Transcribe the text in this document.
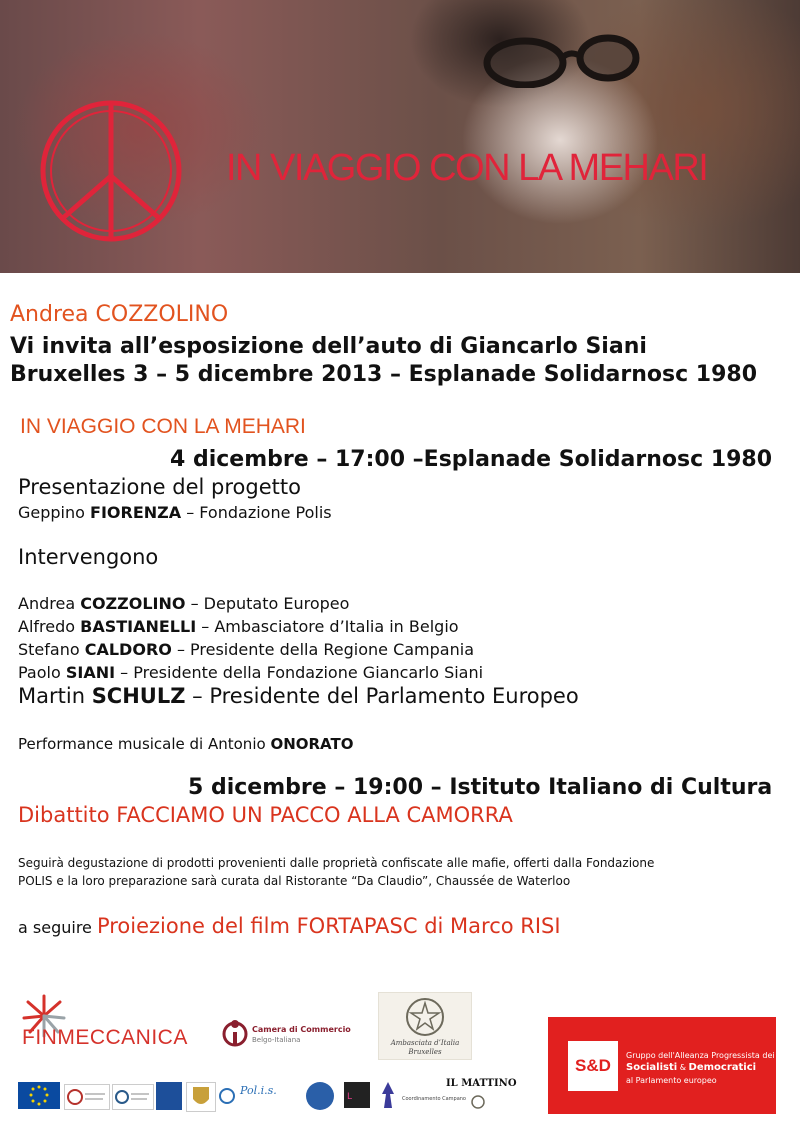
IN VIAGGIO CON LA MEHARI
Andrea COZZOLINO
Vi invita all’esposizione dell’auto di Giancarlo Siani
Bruxelles 3 – 5 dicembre 2013 – Esplanade Solidarnosc 1980
IN VIAGGIO CON LA MEHARI
4 dicembre – 17:00 –Esplanade Solidarnosc 1980
Presentazione del progetto
Geppino FIORENZA – Fondazione Polis
Intervengono
Andrea COZZOLINO – Deputato Europeo
Alfredo BASTIANELLI – Ambasciatore d’Italia in Belgio
Stefano CALDORO – Presidente della Regione Campania
Paolo SIANI – Presidente della Fondazione Giancarlo Siani
Martin SCHULZ – Presidente del Parlamento Europeo
Performance musicale di Antonio ONORATO
5 dicembre – 19:00 – Istituto Italiano di Cultura
Dibattito FACCIAMO UN PACCO ALLA CAMORRA
Seguirà degustazione di prodotti provenienti dalle proprietà confiscate alle mafie, offerti dalla Fondazione
POLIS e la loro preparazione sarà curata dal Ristorante “Da Claudio”, Chaussée de Waterloo
a seguire Proiezione del film FORTAPASC di Marco RISI
FINMECCANICA	Camera di Commercio
Belgo-Italiana	Ambasciata d’Italia
Bruxelles
S&D
Gruppo dell'Alleanza Progressista dei
Socialisti & Democratici
al Parlamento europeo
Pol.i.s.	L	Coordinamento Campano
IL MATTINO
